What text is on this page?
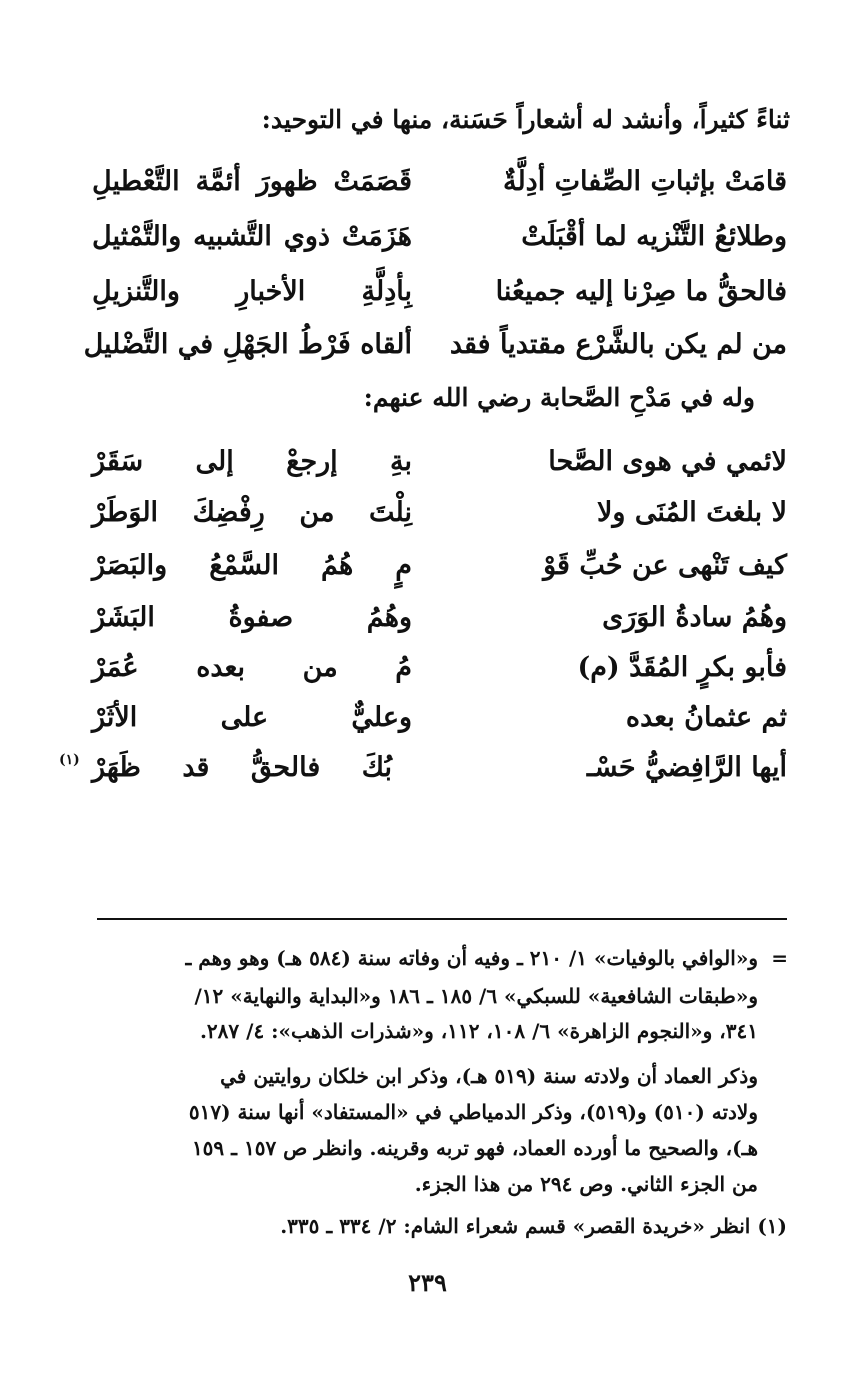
ثناءً كثيراً، وأنشد له أشعاراً حَسَنة، منها في التوحيد:
قامَتْ بإثباتِ الصِّفاتِ أدِلَّةٌ
قَصَمَتْ ظهورَ أئمَّة التَّعْطيلِ
وطلائعُ التَّنْزيه لما أقْبَلَتْ
هَزَمَتْ ذوي التَّشبيه والتَّمْثيل
فالحقُّ ما صِرْنا إليه جميعُنا
بِأدِلَّةِ الأخبارِ والتَّنزيلِ
من لم يكن بالشَّرْع مقتدياً فقد
ألقاه فَرْطُ الجَهْلِ في التَّضْليل
وله في مَدْحِ الصَّحابة رضي الله عنهم:
لائمي في هوى الصَّحا
بةِ إرجعْ إلى سَقَرْ
لا بلغتَ المُنَى ولا
نِلْتَ من رِفْضِكَ الوَطَرْ
كيف تَنْهى عن حُبِّ قَوْ
مٍ هُمُ السَّمْعُ والبَصَرْ
وهُمُ سادةُ الوَرَى
وهُمُ صفوةُ البَشَرْ
فأبو بكرٍ المُقَدَّ (م)
مُ من بعده عُمَرْ
ثم عثمانُ بعده
وعليٌّ على الأثَرْ
أيها الرَّافِضيُّ حَسْـ
بُكَ فالحقُّ قد ظَهَرْ
(١)
=
و«الوافي بالوفيات» ١/ ٢١٠ ـ وفيه أن وفاته سنة (٥٨٤ هـ) وهو وهم ـ
و«طبقات الشافعية» للسبكي» ٦/ ١٨٥ ـ ١٨٦ و«البداية والنهاية» ١٢/
٣٤١، و«النجوم الزاهرة» ٦/ ١٠٨، ١١٢، و«شذرات الذهب»: ٤/ ٢٨٧.
وذكر العماد أن ولادته سنة (٥١٩ هـ)، وذكر ابن خلكان روايتين في
ولادته (٥١٠) و(٥١٩)، وذكر الدمياطي في «المستفاد» أنها سنة (٥١٧
هـ)، والصحيح ما أورده العماد، فهو تربه وقرينه. وانظر ص ١٥٧ ـ ١٥٩
من الجزء الثاني. وص ٢٩٤ من هذا الجزء.
(١) انظر «خريدة القصر» قسم شعراء الشام: ٢/ ٣٣٤ ـ ٣٣٥.
٢٣٩
